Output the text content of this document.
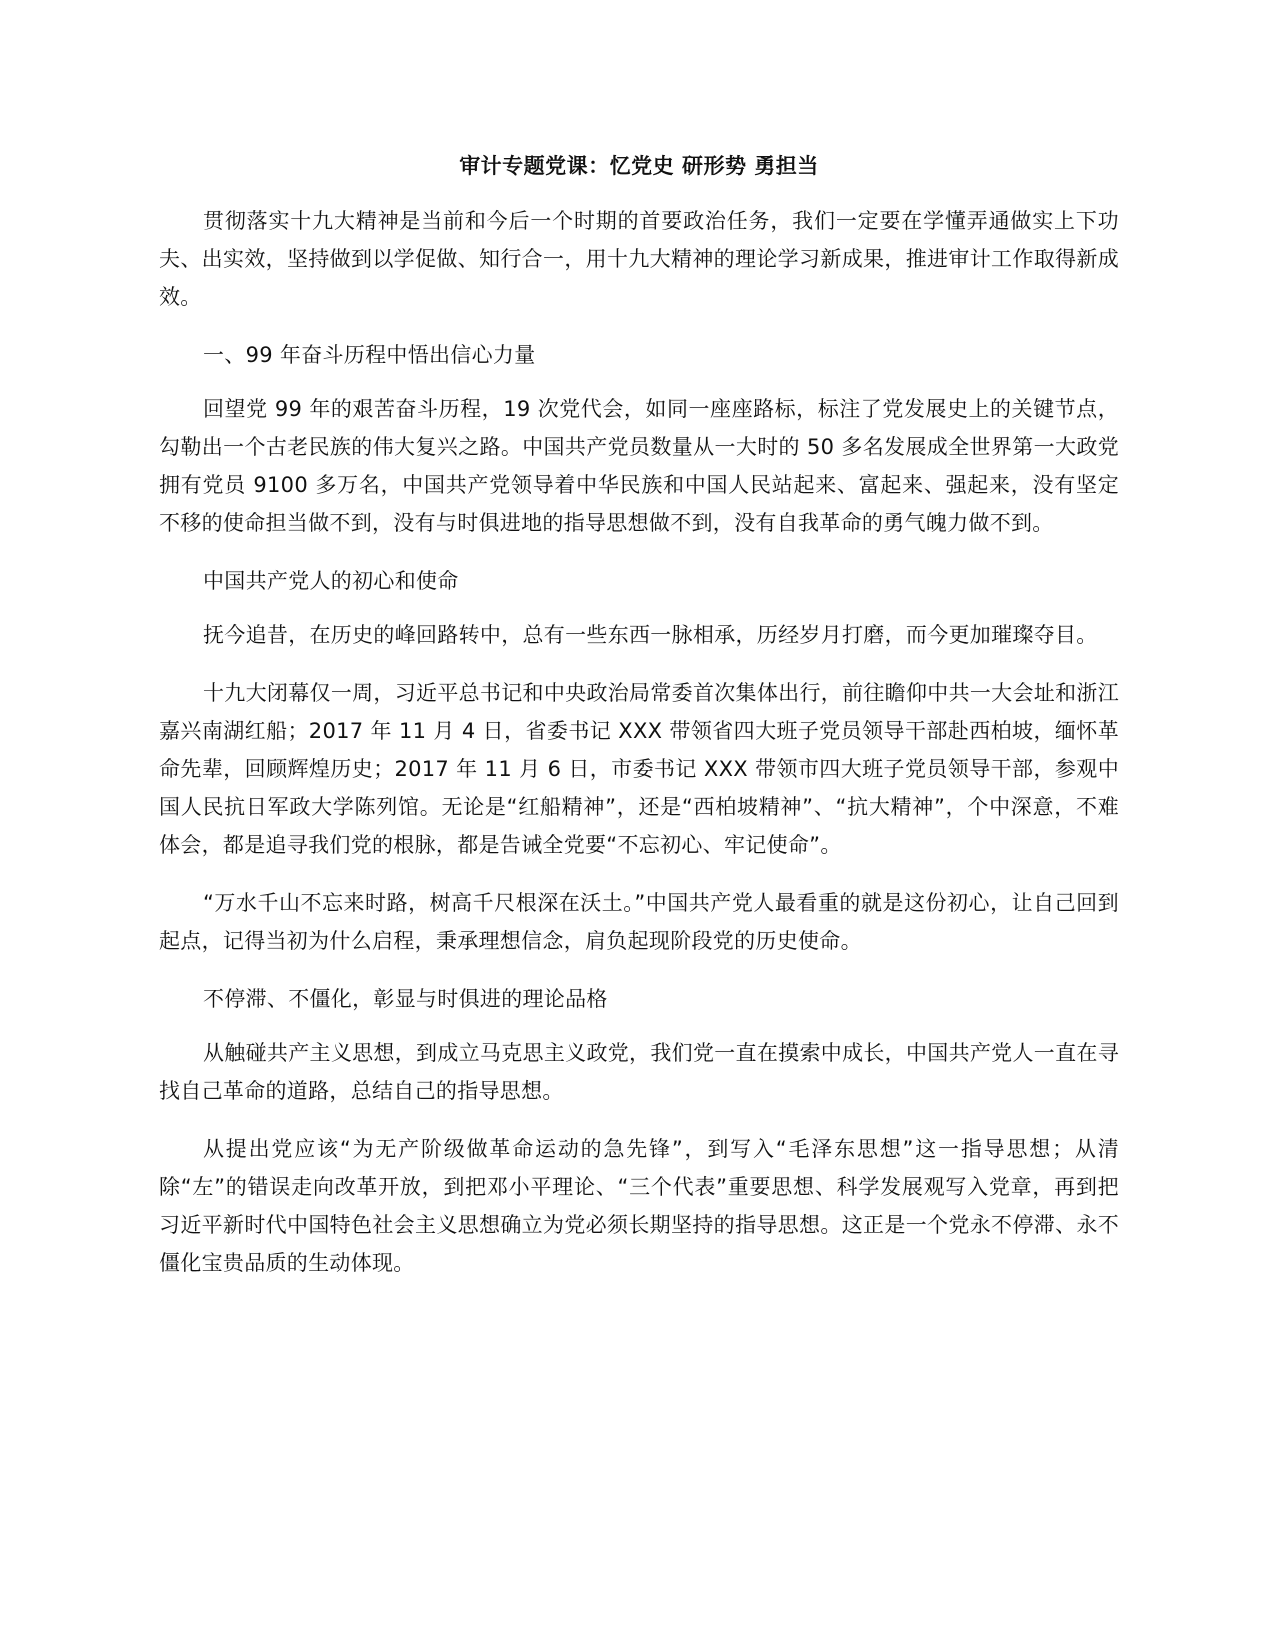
审计专题党课：忆党史 研形势 勇担当

贯彻落实十九大精神是当前和今后一个时期的首要政治任务，我们一定要在学懂弄通做实上下功夫、出实效，坚持做到以学促做、知行合一，用十九大精神的理论学习新成果，推进审计工作取得新成效。

一、99 年奋斗历程中悟出信心力量

回望党 99 年的艰苦奋斗历程，19 次党代会，如同一座座路标，标注了党发展史上的关键节点，勾勒出一个古老民族的伟大复兴之路。中国共产党员数量从一大时的 50 多名发展成全世界第一大政党拥有党员 9100 多万名，中国共产党领导着中华民族和中国人民站起来、富起来、强起来，没有坚定不移的使命担当做不到，没有与时俱进地的指导思想做不到，没有自我革命的勇气魄力做不到。

中国共产党人的初心和使命

抚今追昔，在历史的峰回路转中，总有一些东西一脉相承，历经岁月打磨，而今更加璀璨夺目。

十九大闭幕仅一周，习近平总书记和中央政治局常委首次集体出行，前往瞻仰中共一大会址和浙江嘉兴南湖红船；2017 年 11 月 4 日，省委书记 XXX 带领省四大班子党员领导干部赴西柏坡，缅怀革命先辈，回顾辉煌历史；2017 年 11 月 6 日，市委书记 XXX 带领市四大班子党员领导干部，参观中国人民抗日军政大学陈列馆。无论是“红船精神”，还是“西柏坡精神”、“抗大精神”，个中深意，不难体会，都是追寻我们党的根脉，都是告诫全党要“不忘初心、牢记使命”。

“万水千山不忘来时路，树高千尺根深在沃土。”中国共产党人最看重的就是这份初心，让自己回到起点，记得当初为什么启程，秉承理想信念，肩负起现阶段党的历史使命。

不停滞、不僵化，彰显与时俱进的理论品格

从触碰共产主义思想，到成立马克思主义政党，我们党一直在摸索中成长，中国共产党人一直在寻找自己革命的道路，总结自己的指导思想。

从提出党应该“为无产阶级做革命运动的急先锋”，到写入“毛泽东思想”这一指导思想；从清除“左”的错误走向改革开放，到把邓小平理论、“三个代表”重要思想、科学发展观写入党章，再到把习近平新时代中国特色社会主义思想确立为党必须长期坚持的指导思想。这正是一个党永不停滞、永不僵化宝贵品质的生动体现。
